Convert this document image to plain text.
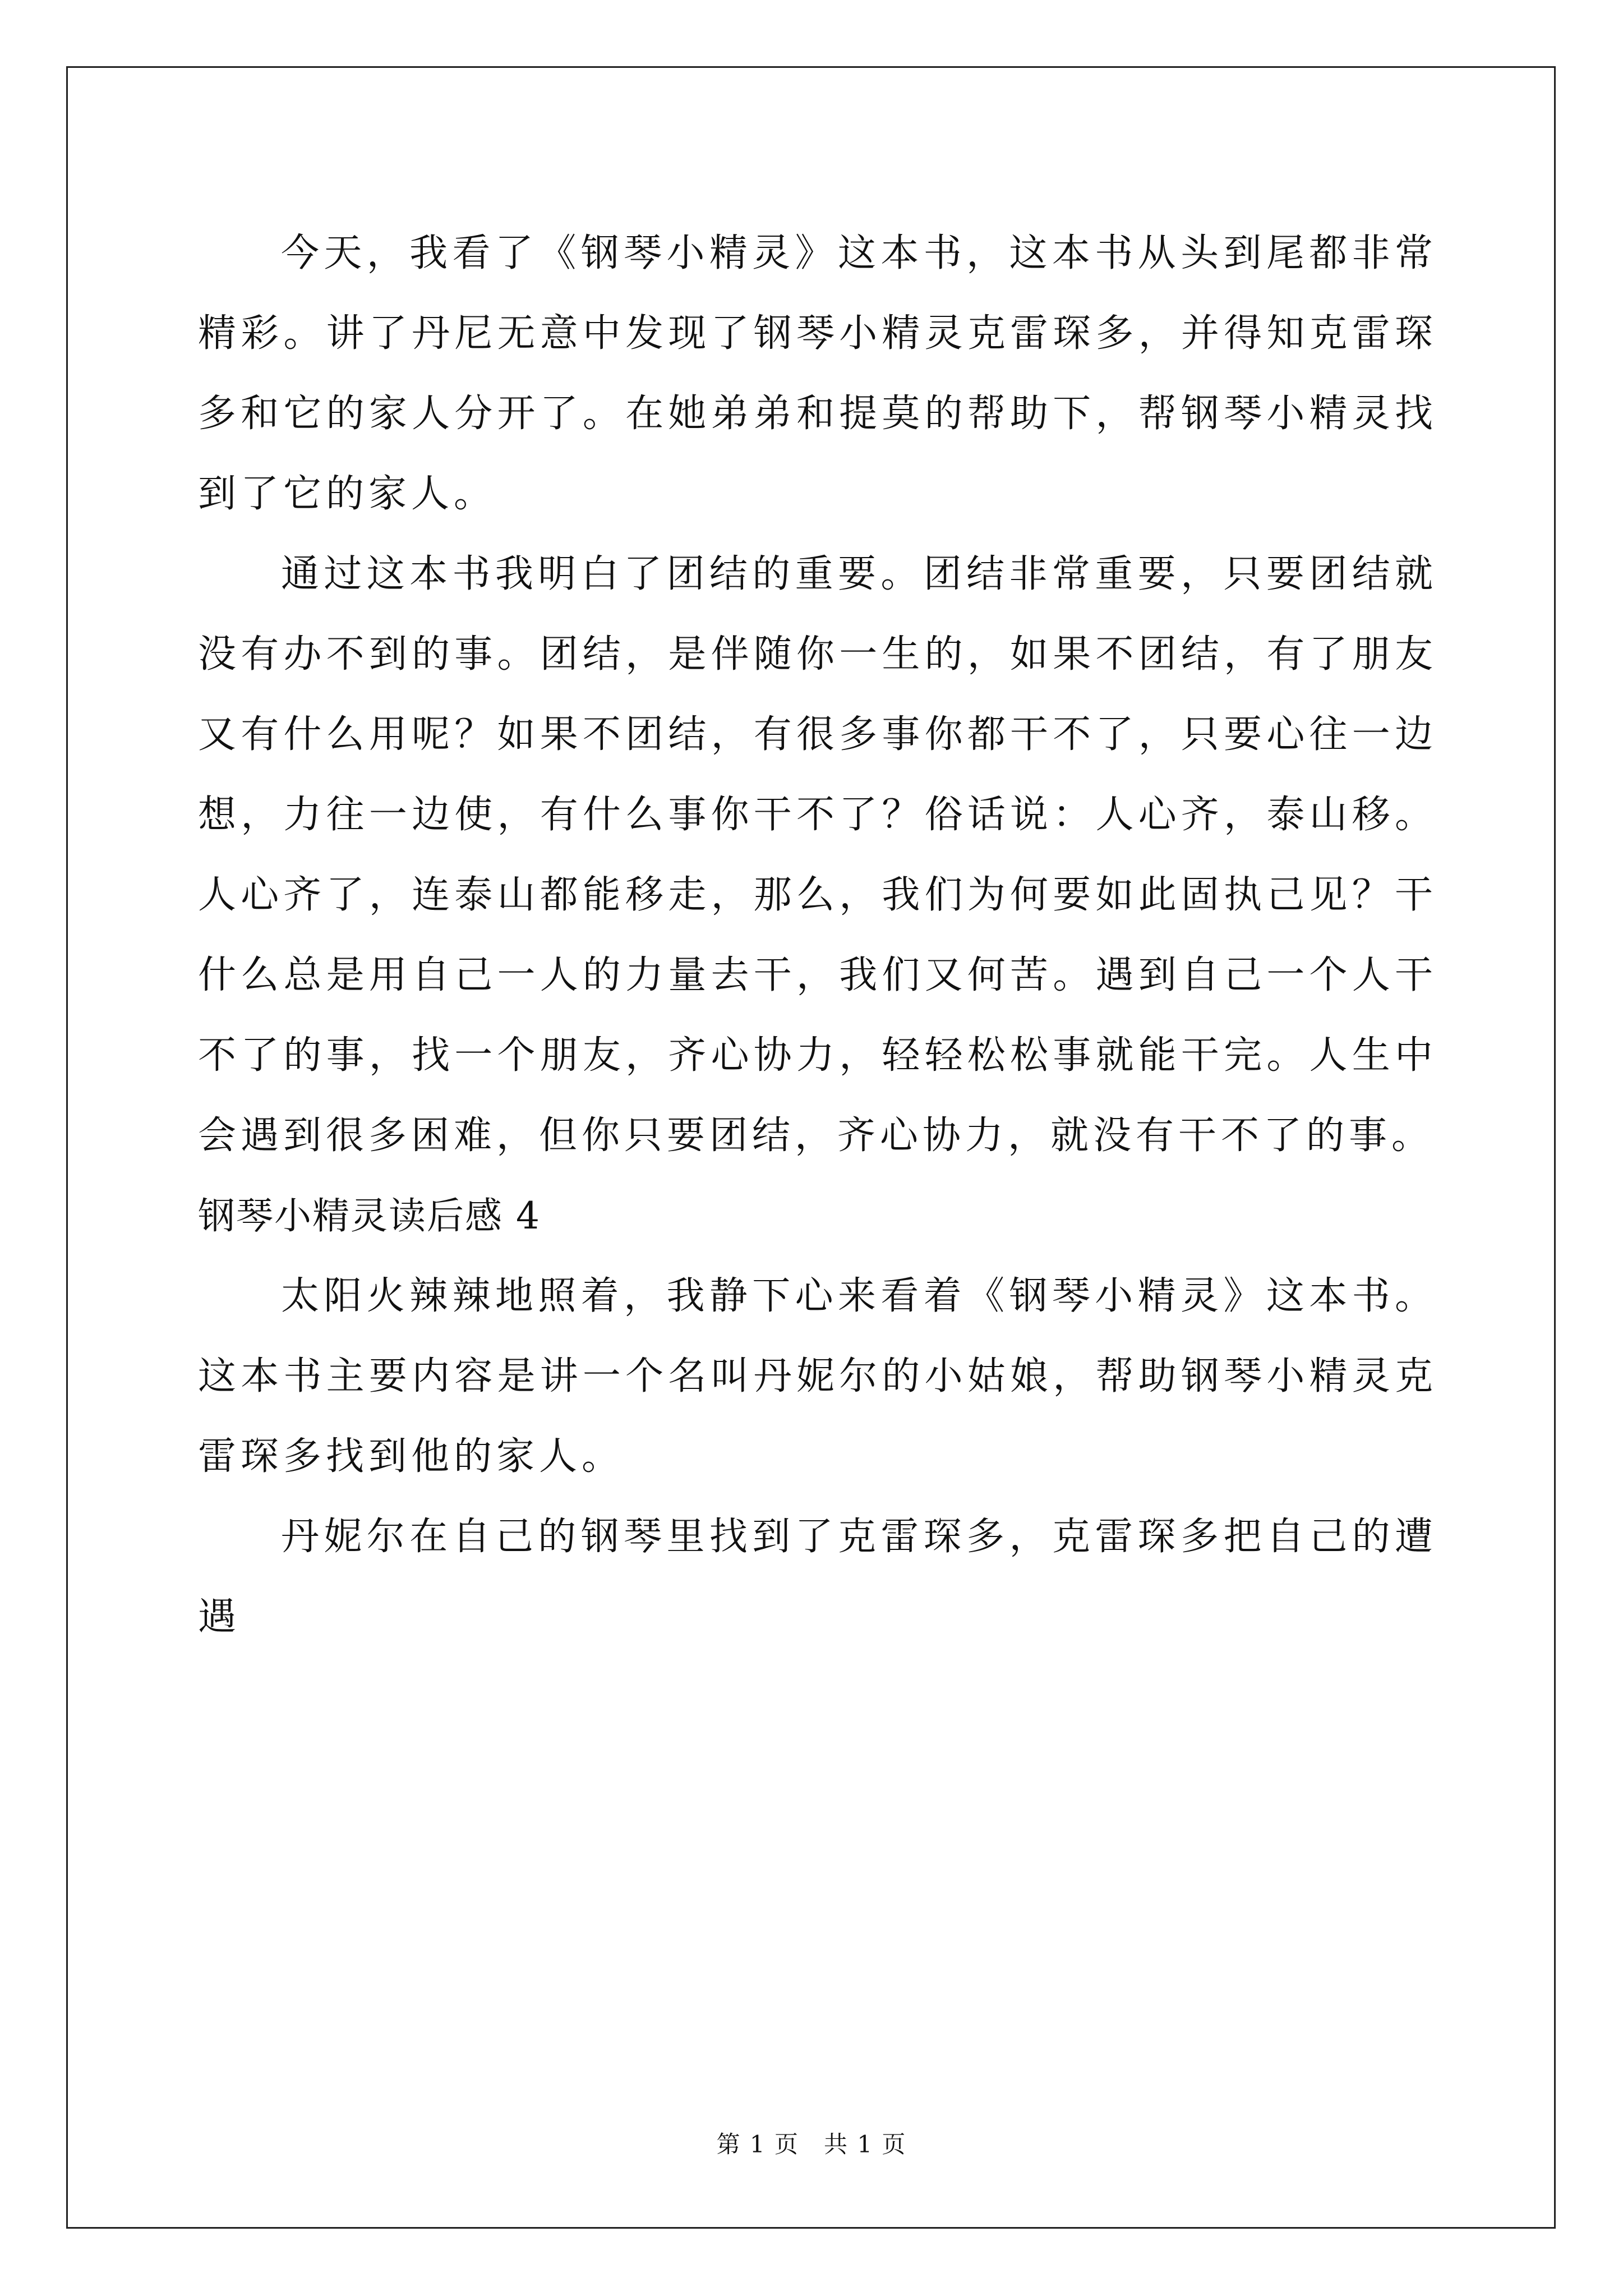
今天，我看了《钢琴小精灵》这本书，这本书从头到尾都非常精彩。讲了丹尼无意中发现了钢琴小精灵克雷琛多，并得知克雷琛多和它的家人分开了。在她弟弟和提莫的帮助下，帮钢琴小精灵找到了它的家人。

通过这本书我明白了团结的重要。团结非常重要，只要团结就没有办不到的事。团结，是伴随你一生的，如果不团结，有了朋友又有什么用呢？如果不团结，有很多事你都干不了，只要心往一边想，力往一边使，有什么事你干不了？俗话说：人心齐，泰山移。人心齐了，连泰山都能移走，那么，我们为何要如此固执己见？干什么总是用自己一人的力量去干，我们又何苦。遇到自己一个人干不了的事，找一个朋友，齐心协力，轻轻松松事就能干完。人生中会遇到很多困难，但你只要团结，齐心协力，就没有干不了的事。

钢琴小精灵读后感 4

太阳火辣辣地照着，我静下心来看着《钢琴小精灵》这本书。这本书主要内容是讲一个名叫丹妮尔的小姑娘，帮助钢琴小精灵克雷琛多找到他的家人。

丹妮尔在自己的钢琴里找到了克雷琛多，克雷琛多把自己的遭遇

第 1 页　共 1 页
